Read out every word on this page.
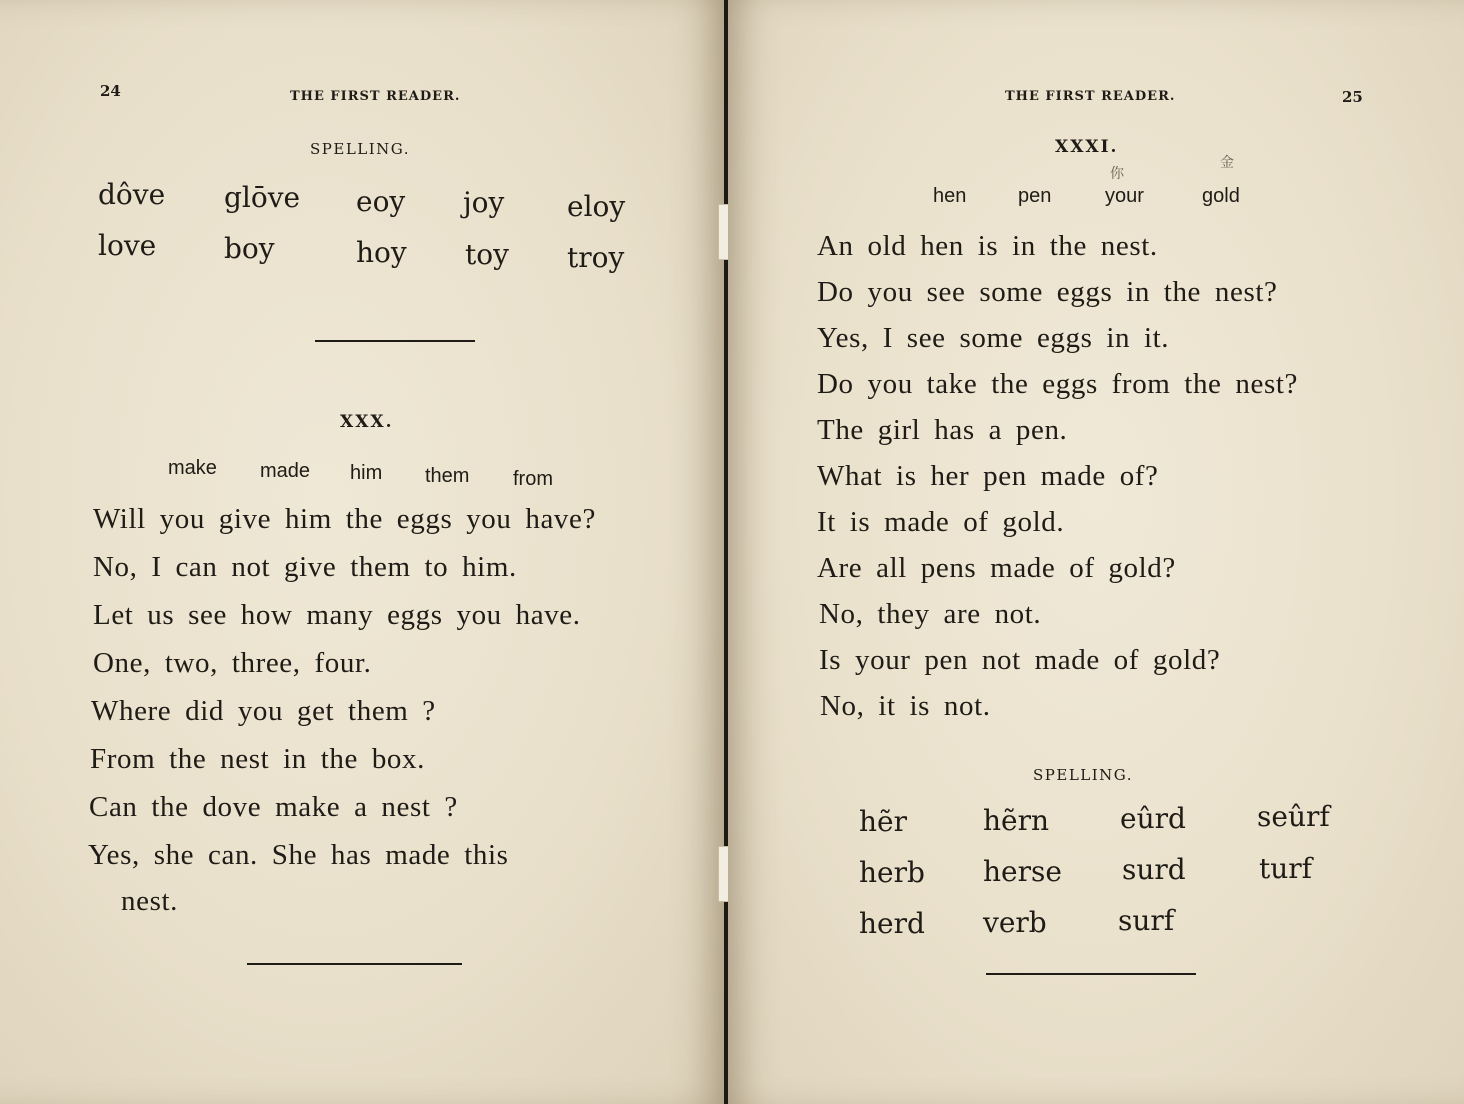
24	THE FIRST READER.
SPELLING.
dôve glōve eoy joy eloy
love boy	hoy toy troy
XXX.
make made him them from
Will you give him the eggs you have?
No, I can not give them to him.
Let us see how many eggs you have.
One, two, three, four.
Where did you get them ?
From the nest in the box.
Can the dove make a nest ?
Yes, she can. She has made this
nest.
THE FIRST READER.	25
XXXI.
你
金
hen	pen	your	gold
An old hen is in the nest.
Do you see some eggs in the nest?
Yes, I see some eggs in it.
Do you take the eggs from the nest?
The girl has a pen.
What is her pen made of?
It is made of gold.
Are all pens made of gold?
No, they are not.
Is your pen not made of gold?
No, it is not.
SPELLING.
hẽr	hẽrn	eûrd	seûrf
herb herse surd	turf
herd verb	surf
